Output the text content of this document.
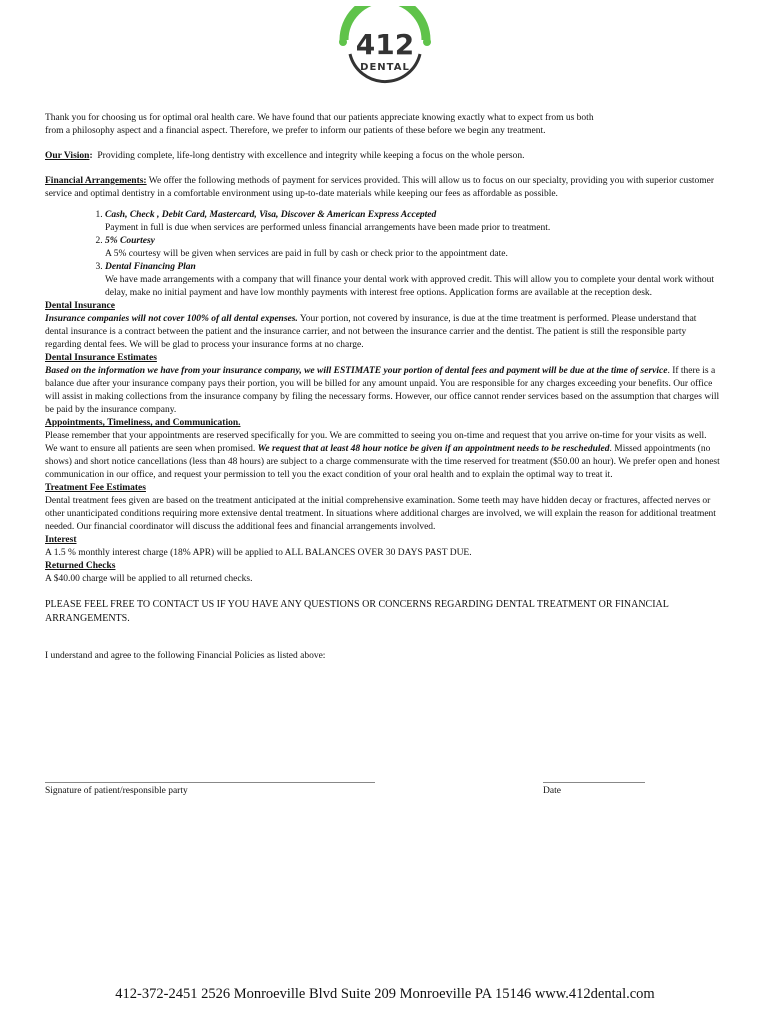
412
DENTAL

Thank you for choosing us for optimal oral health care. We have found that our patients appreciate knowing exactly what to expect from us both
from a philosophy aspect and a financial aspect. Therefore, we prefer to inform our patients of these before we begin any treatment.

Our Vision: Providing complete, life-long dentistry with excellence and integrity while keeping a focus on the whole person.

Financial Arrangements: We offer the following methods of payment for services provided. This will allow us to focus on our specialty, providing you with superior customer service and optimal dentistry in a comfortable environment using up-to-date materials while keeping our fees as affordable as possible.

1. Cash, Check , Debit Card, Mastercard, Visa, Discover & American Express Accepted
Payment in full is due when services are performed unless financial arrangements have been made prior to treatment.
2. 5% Courtesy
A 5% courtesy will be given when services are paid in full by cash or check prior to the appointment date.
3. Dental Financing Plan
We have made arrangements with a company that will finance your dental work with approved credit. This will allow you to complete your dental work without delay, make no initial payment and have low monthly payments with interest free options. Application forms are available at the reception desk.

Dental Insurance
Insurance companies will not cover 100% of all dental expenses. Your portion, not covered by insurance, is due at the time treatment is performed. Please understand that dental insurance is a contract between the patient and the insurance carrier, and not between the insurance carrier and the dentist. The patient is still the responsible party regarding dental fees. We will be glad to process your insurance forms at no charge.

Dental Insurance Estimates
Based on the information we have from your insurance company, we will ESTIMATE your portion of dental fees and payment will be due at the time of service. If there is a balance due after your insurance company pays their portion, you will be billed for any amount unpaid. You are responsible for any charges exceeding your benefits. Our office will assist in making collections from the insurance company by filing the necessary forms. However, our office cannot render services based on the assumption that charges will be paid by the insurance company.

Appointments, Timeliness, and Communication.
Please remember that your appointments are reserved specifically for you. We are committed to seeing you on-time and request that you arrive on-time for your visits as well. We want to ensure all patients are seen when promised. We request that at least 48 hour notice be given if an appointment needs to be rescheduled. Missed appointments (no shows) and short notice cancellations (less than 48 hours) are subject to a charge commensurate with the time reserved for treatment ($50.00 an hour). We prefer open and honest communication in our office, and request your permission to tell you the exact condition of your oral health and to explain the optimal way to treat it.

Treatment Fee Estimates
Dental treatment fees given are based on the treatment anticipated at the initial comprehensive examination. Some teeth may have hidden decay or fractures, affected nerves or other unanticipated conditions requiring more extensive dental treatment. In situations where additional charges are involved, we will explain the reason for additional treatment needed. Our financial coordinator will discuss the additional fees and financial arrangements involved.

Interest
A 1.5 % monthly interest charge (18% APR) will be applied to ALL BALANCES OVER 30 DAYS PAST DUE.

Returned Checks
A $40.00 charge will be applied to all returned checks.

PLEASE FEEL FREE TO CONTACT US IF YOU HAVE ANY QUESTIONS OR CONCERNS REGARDING DENTAL TREATMENT OR FINANCIAL ARRANGEMENTS.

I understand and agree to the following Financial Policies as listed above:

Signature of patient/responsible party	Date
412-372-2451 2526 Monroeville Blvd Suite 209 Monroeville PA 15146 www.412dental.com
